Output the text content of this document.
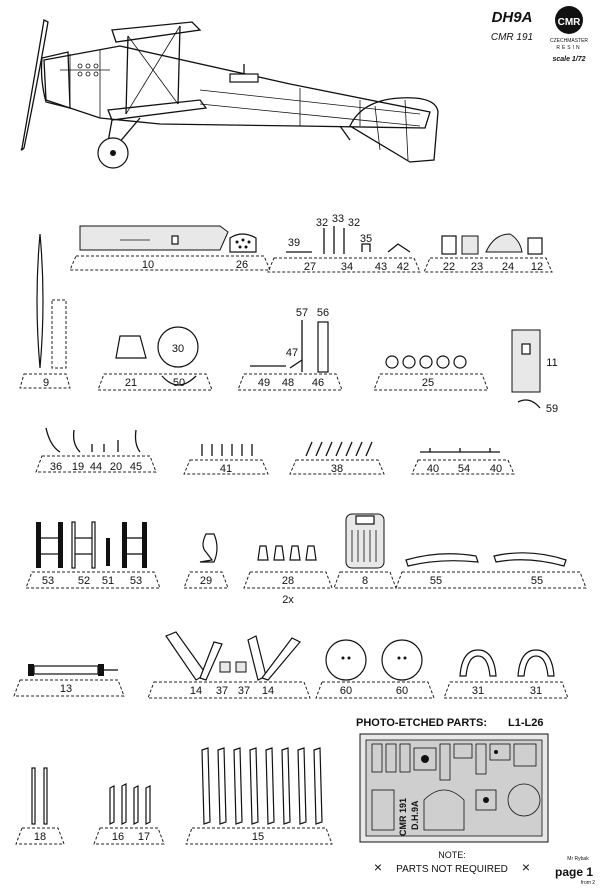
DH9A
CMR 191
CMR
CZECHMASTER
RESIN
scale 1/72
10	26	27 34 43 42	22 23 24 12
39
32 33 32
35
9	21	50	49 48 46	25
59
30
57 56
47
11
36 19 44 20 45	41	38	40 54 40
53 52 51 53	29	28	8	55	55
2x
13	14 37 37 14	60	60	31	31
18	16 17	15
PHOTO-ETCHED PARTS: L1-L26
CMR 191 D.H.9A
NOTE:
× PARTS NOT REQUIRED ×	Mr Rybak
page 1
from 2
